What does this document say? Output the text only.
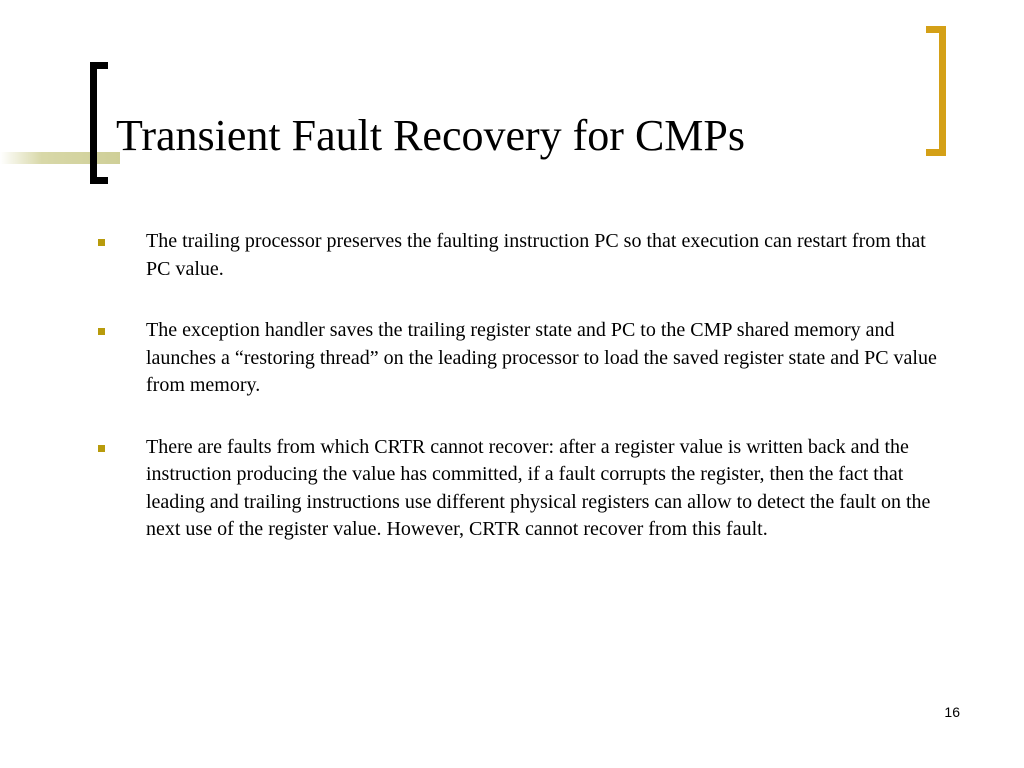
Transient Fault Recovery for CMPs
The trailing processor preserves the faulting instruction PC so that execution can restart from that PC value.
The exception handler saves the trailing register state and PC to the CMP shared memory and launches a “restoring thread” on the leading processor to load the saved register state and PC value from memory.
There are faults from which CRTR cannot recover: after a register value is written back and the instruction producing the value has committed, if a fault corrupts the register, then the fact that leading and trailing instructions use different physical registers can allow to detect the fault on the next use of the register value. However, CRTR cannot recover from this fault.
16
